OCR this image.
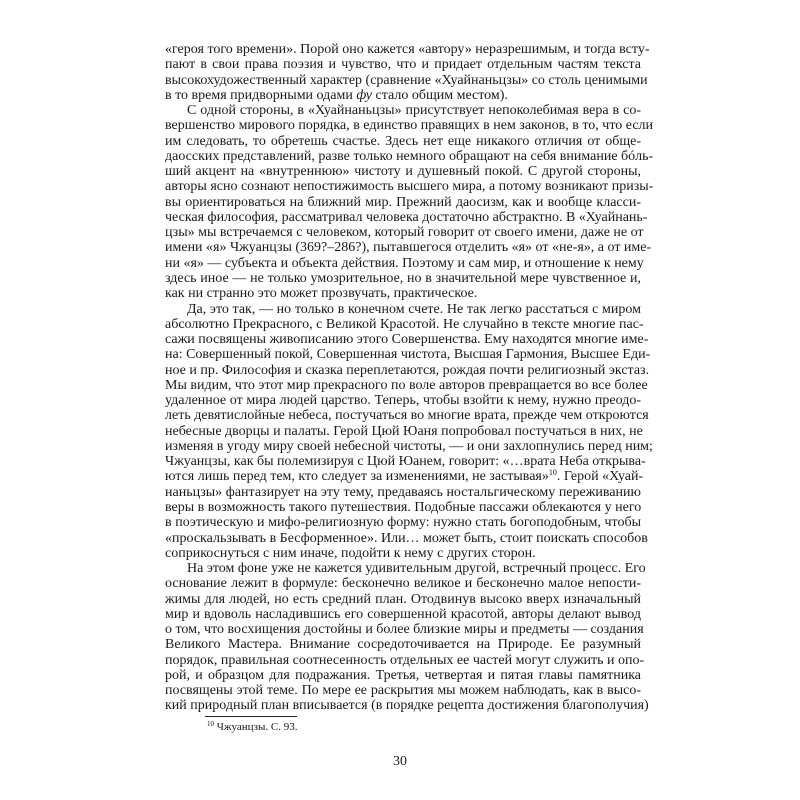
«героя того времени». Порой оно кажется «автору» неразрешимым, и тогда всту-
пают в свои права поэзия и чувство, что и придает отдельным частям текста
высокохудожественный характер (сравнение «Хуайнаньцзы» со столь ценимыми
в то время придворными одами фу стало общим местом).
С одной стороны, в «Хуайнаньцзы» присутствует непоколебимая вера в со-
вершенство мирового порядка, в единство правящих в нем законов, в то, что если
им следовать, то обретешь счастье. Здесь нет еще никакого отличия от обще-
даосских представлений, разве только немного обращают на себя внимание бóль-
ший акцент на «внутреннюю» чистоту и душевный покой. С другой стороны,
авторы ясно сознают непостижимость высшего мира, а потому возникают призы-
вы ориентироваться на ближний мир. Прежний даосизм, как и вообще класси-
ческая философия, рассматривал человека достаточно абстрактно. В «Хуайнань-
цзы» мы встречаемся с человеком, который говорит от своего имени, даже не от
имени «я» Чжуанцзы (369?–286?), пытавшегося отделить «я» от «не-я», а от име-
ни «я» — субъекта и объекта действия. Поэтому и сам мир, и отношение к нему
здесь иное — не только умозрительное, но в значительной мере чувственное и,
как ни странно это может прозвучать, практическое.
Да, это так, — но только в конечном счете. Не так легко расстаться с миром
абсолютно Прекрасного, с Великой Красотой. Не случайно в тексте многие пас-
сажи посвящены живописанию этого Совершенства. Ему находятся многие име-
на: Совершенный покой, Совершенная чистота, Высшая Гармония, Высшее Еди-
ное и пр. Философия и сказка переплетаются, рождая почти религиозный экстаз.
Мы видим, что этот мир прекрасного по воле авторов превращается во все более
удаленное от мира людей царство. Теперь, чтобы взойти к нему, нужно преодо-
леть девятислойные небеса, постучаться во многие врата, прежде чем откроются
небесные дворцы и палаты. Герой Цюй Юаня попробовал постучаться в них, не
изменяя в угоду миру своей небесной чистоты, — и они захлопнулись перед ним;
Чжуанцзы, как бы полемизируя с Цюй Юанем, говорит: «…врата Неба открыва-
ются лишь перед тем, кто следует за изменениями, не застывая»$^{10}$. Герой «Хуай-
наньцзы» фантазирует на эту тему, предаваясь ностальгическому переживанию
веры в возможность такого путешествия. Подобные пассажи облекаются у него
в поэтическую и мифо-религиозную форму: нужно стать богоподобным, чтобы
«проскальзывать в Бесформенное». Или… может быть, стоит поискать способов
соприкоснуться с ним иначе, подойти к нему с других сторон.
На этом фоне уже не кажется удивительным другой, встречный процесс. Его
основание лежит в формуле: бесконечно великое и бесконечно малое непости-
жимы для людей, но есть средний план. Отодвинув высоко вверх изначальный
мир и вдоволь насладившись его совершенной красотой, авторы делают вывод
о том, что восхищения достойны и более близкие миры и предметы — создания
Великого Мастера. Внимание сосредоточивается на Природе. Ее разумный
порядок, правильная соотнесенность отдельных ее частей могут служить и опо-
рой, и образцом для подражания. Третья, четвертая и пятая главы памятника
посвящены этой теме. По мере ее раскрытия мы можем наблюдать, как в высо-
кий природный план вписывается (в порядке рецепта достижения благополучия)
$^{10}$ Чжуанцзы. С. 93.
30
